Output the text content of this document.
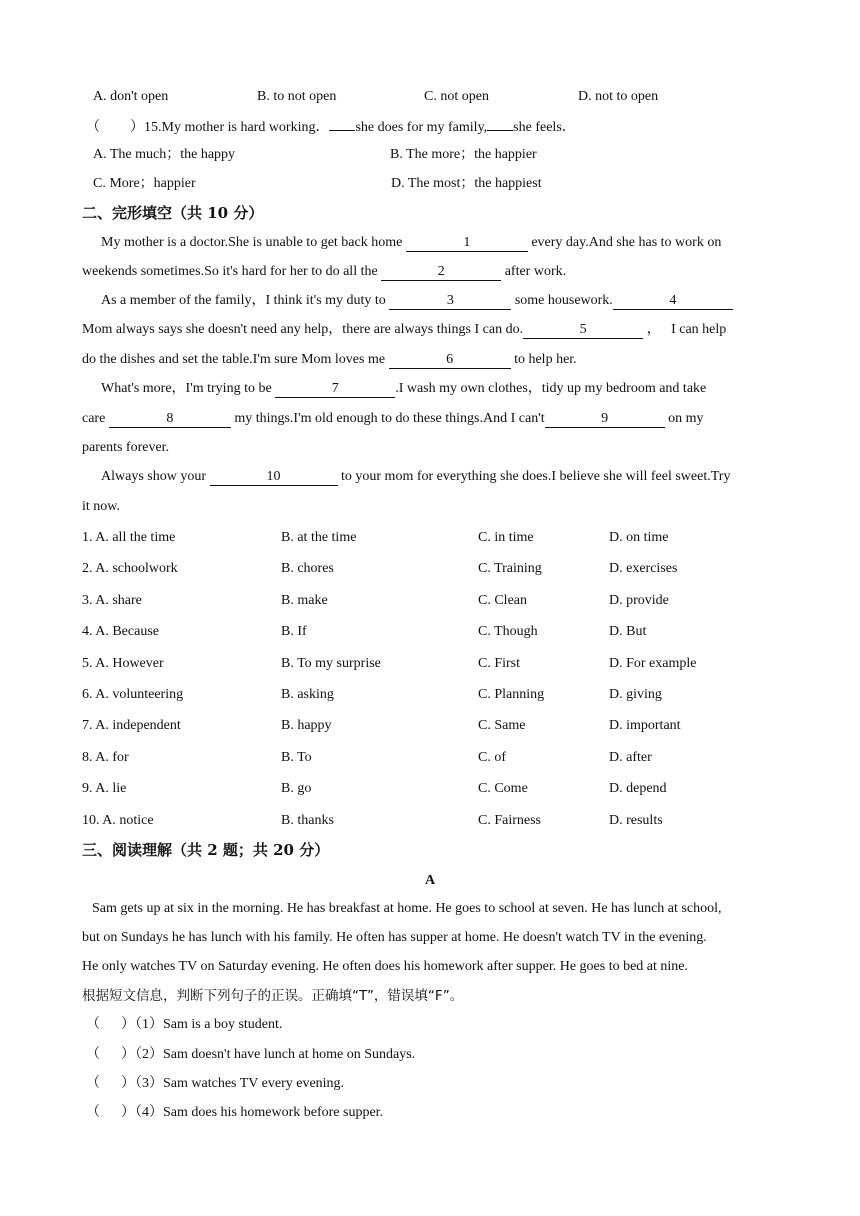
A. don't open	B. to not open	C. not open	D. not to open
（ ）15.My mother is hard working． she does for my family, she feels．
A. The much；the happy	B. The more；the happier
C. More；happier	D. The most；the happiest
二、完形填空（共 10 分）
My mother is a doctor.She is unable to get back home	1	every day.And she has to work on
weekends sometimes.So it's hard for her to do all the	2	after work.
As a member of the family，I think it's my duty to	3	some housework.	4
Mom always says she doesn't need any help，there are always things I can do.	5	，   I can help
do the dishes and set the table.I'm sure Mom loves me	6	to help her.
What's more，I'm trying to be	7	.I wash my own clothes，tidy up my bedroom and take
care	8	my things.I'm old enough to do these things.And I can't	9	on my
parents forever.
Always show your	10	to your mom for everything she does.I believe she will feel sweet.Try
it now.
1. A. all the time	B. at the time	C. in time	D. on time
2. A. schoolwork	B. chores	C. Training	D. exercises
3. A. share	B. make	C. Clean	D. provide
4. A. Because	B. If	C. Though	D. But
5. A. However	B. To my surprise	C. First	D. For example
6. A. volunteering	B. asking	C. Planning	D. giving
7. A. independent	B. happy	C. Same	D. important
8. A. for	B. To	C. of	D. after
9. A. lie	B. go	C. Come	D. depend
10. A. notice	B. thanks	C. Fairness	D. results
三、阅读理解（共 2 题；共 20 分）
A
Sam gets up at six in the morning. He has breakfast at home. He goes to school at seven. He has lunch at school,
but on Sundays he has lunch with his family. He often has supper at home. He doesn't watch TV in the evening.
He only watches TV on Saturday evening. He often does his homework after supper. He goes to bed at nine.
根据短文信息，判断下列句子的正误。正确填“T”，错误填“F”。
（      ）（1）Sam is a boy student.
（      ）（2）Sam doesn't have lunch at home on Sundays.
（      ）（3）Sam watches TV every evening.
（      ）（4）Sam does his homework before supper.
